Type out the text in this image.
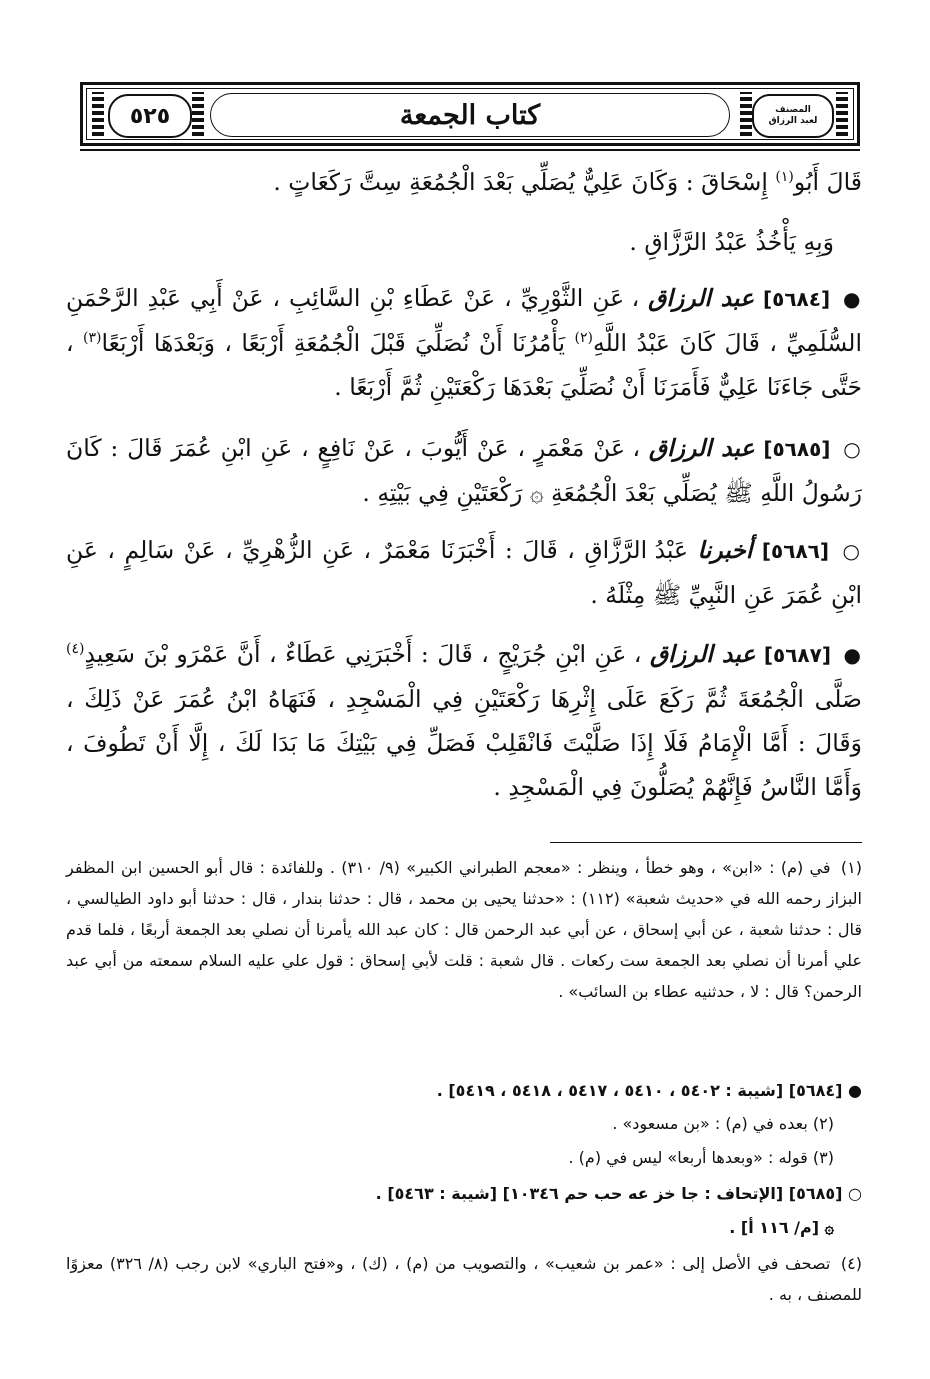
المصنف
لعبد الرزاق
كتاب الجمعة
٥٢٥
قَالَ أَبُو$^{(١)}$ إِسْحَاقَ : وَكَانَ عَلِيٌّ يُصَلِّي بَعْدَ الْجُمُعَةِ سِتَّ رَكَعَاتٍ .
وَبِهِ يَأْخُذُ عَبْدُ الرَّزَّاقِ .
● [٥٦٨٤] عبد الرزاق ، عَنِ الثَّوْرِيِّ ، عَنْ عَطَاءِ بْنِ السَّائِبِ ، عَنْ أَبِي عَبْدِ الرَّحْمَنِ السُّلَمِيِّ ، قَالَ كَانَ عَبْدُ اللَّهِ$^{(٢)}$ يَأْمُرُنَا أَنْ نُصَلِّيَ قَبْلَ الْجُمُعَةِ أَرْبَعًا ، وَبَعْدَهَا أَرْبَعًا$^{(٣)}$ ، حَتَّى جَاءَنَا عَلِيٌّ فَأَمَرَنَا أَنْ نُصَلِّيَ بَعْدَهَا رَكْعَتَيْنِ ثُمَّ أَرْبَعًا .
○ [٥٦٨٥] عبد الرزاق ، عَنْ مَعْمَرٍ ، عَنْ أَيُّوبَ ، عَنْ نَافِعٍ ، عَنِ ابْنِ عُمَرَ قَالَ : كَانَ رَسُولُ اللَّهِ ﷺ يُصَلِّي بَعْدَ الْجُمُعَةِ ۞ رَكْعَتَيْنِ فِي بَيْتِهِ .
○ [٥٦٨٦] أخبرنا عَبْدُ الرَّزَّاقِ ، قَالَ : أَخْبَرَنَا مَعْمَرٌ ، عَنِ الزُّهْرِيِّ ، عَنْ سَالِمٍ ، عَنِ ابْنِ عُمَرَ عَنِ النَّبِيِّ ﷺ مِثْلَهُ .
● [٥٦٨٧] عبد الرزاق ، عَنِ ابْنِ جُرَيْجٍ ، قَالَ : أَخْبَرَنِي عَطَاءٌ ، أَنَّ عَمْرَو بْنَ سَعِيدٍ$^{(٤)}$ صَلَّى الْجُمُعَةَ ثُمَّ رَكَعَ عَلَى إِثْرِهَا رَكْعَتَيْنِ فِي الْمَسْجِدِ ، فَنَهَاهُ ابْنُ عُمَرَ عَنْ ذَلِكَ ، وَقَالَ : أَمَّا الْإِمَامُ فَلَا إِذَا صَلَّيْتَ فَانْقَلِبْ فَصَلِّ فِي بَيْتِكَ مَا بَدَا لَكَ ، إِلَّا أَنْ تَطُوفَ ، وَأَمَّا النَّاسُ فَإِنَّهُمْ يُصَلُّونَ فِي الْمَسْجِدِ .
(١) في (م) : «ابن» ، وهو خطأ ، وينظر : «معجم الطبراني الكبير» (٩/ ٣١٠) . وللفائدة : قال أبو الحسين ابن المظفر البزاز رحمه الله في «حديث شعبة» (١١٢) : «حدثنا يحيى بن محمد ، قال : حدثنا بندار ، قال : حدثنا أبو داود الطيالسي ، قال : حدثنا شعبة ، عن أبي إسحاق ، عن أبي عبد الرحمن قال : كان عبد الله يأمرنا أن نصلي بعد الجمعة أربعًا ، فلما قدم علي أمرنا أن نصلي بعد الجمعة ست ركعات . قال شعبة : قلت لأبي إسحاق : قول علي عليه السلام سمعته من أبي عبد الرحمن؟ قال : لا ، حدثنيه عطاء بن السائب» .
● [٥٦٨٤] [شيبة : ٥٤٠٢ ، ٥٤١٠ ، ٥٤١٧ ، ٥٤١٨ ، ٥٤١٩] .
(٢) بعده في (م) : «بن مسعود» .
(٣) قوله : «وبعدها أربعا» ليس في (م) .
○ [٥٦٨٥] [الإتحاف : جا خز عه حب حم ١٠٣٤٦] [شيبة : ٥٤٦٣] .
۞ [م/ ١١٦ أ] .
(٤) تصحف في الأصل إلى : «عمر بن شعيب» ، والتصويب من (م) ، (ك) ، و«فتح الباري» لابن رجب (٨/ ٣٢٦) معزوًا للمصنف ، به .
